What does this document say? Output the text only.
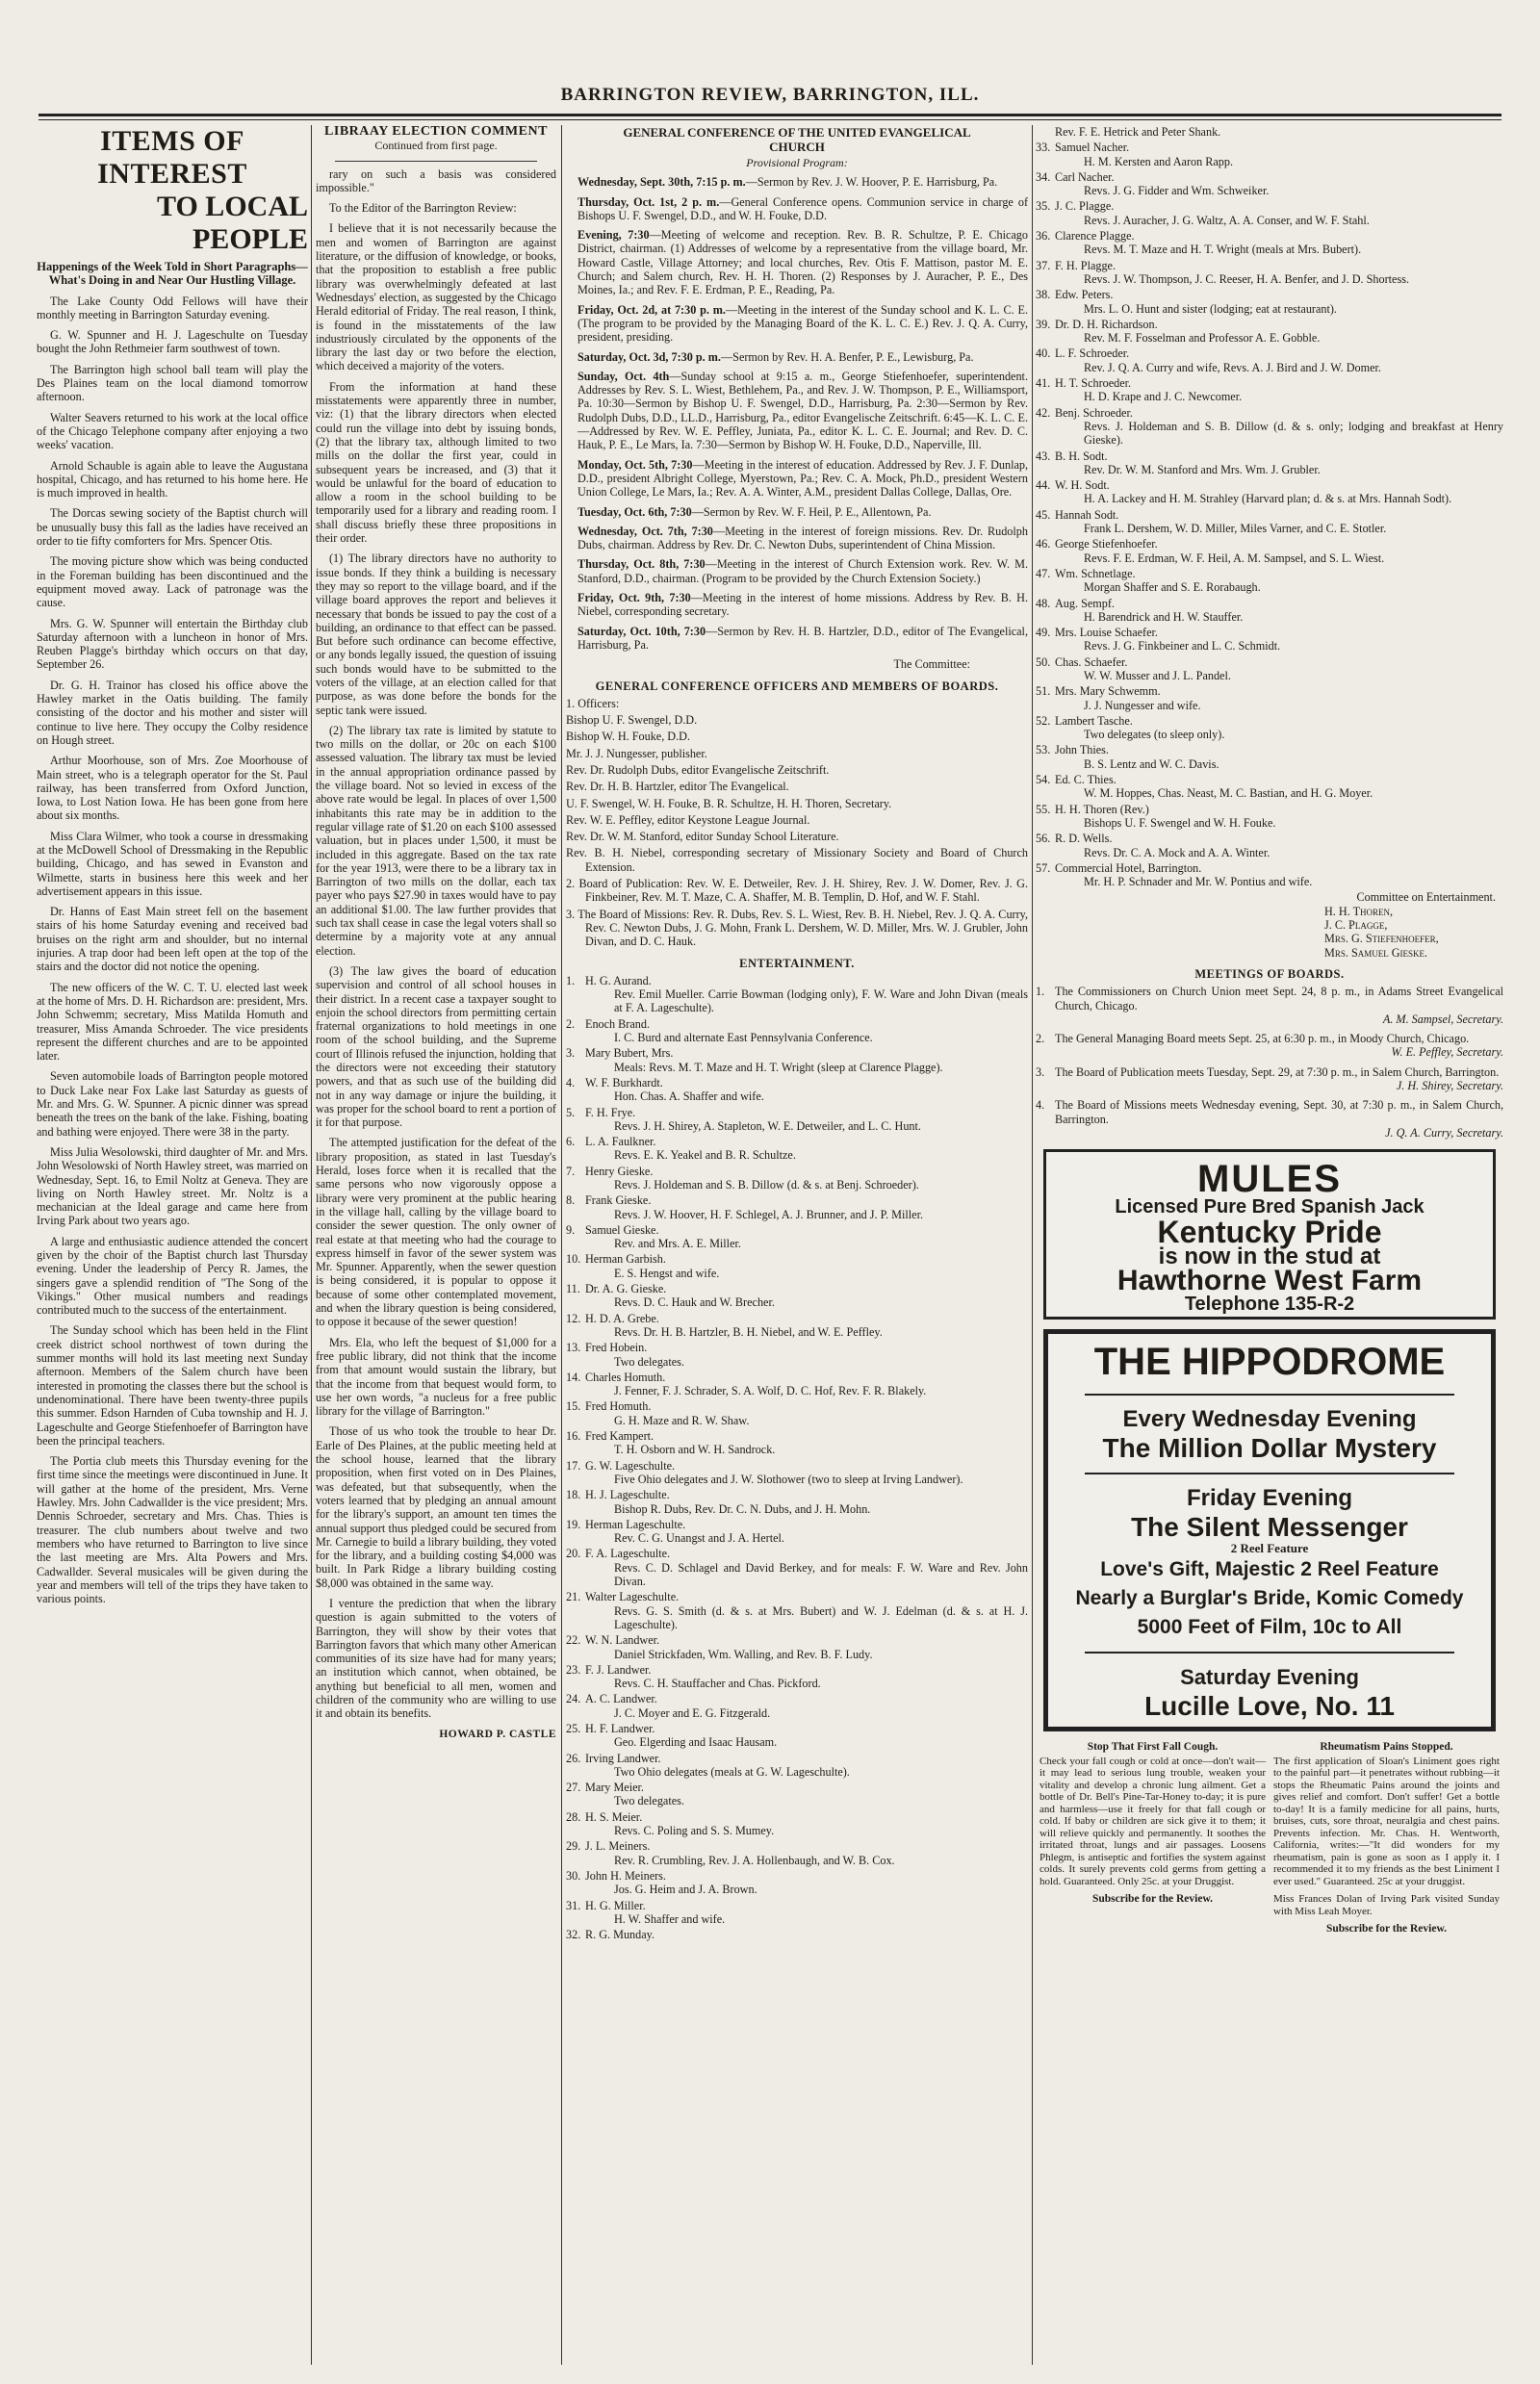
BARRINGTON REVIEW, BARRINGTON, ILL.
ITEMS OF INTEREST
TO LOCAL PEOPLE

Happenings of the Week Told in Short Paragraphs—What's Doing in and Near Our Hustling Village.

The Lake County Odd Fellows will have their monthly meeting in Barrington Saturday evening.

G. W. Spunner and H. J. Lageschulte on Tuesday bought the John Rethmeier farm southwest of town.

The Barrington high school ball team will play the Des Plaines team on the local diamond tomorrow afternoon.

Walter Seavers returned to his work at the local office of the Chicago Telephone company after enjoying a two weeks' vacation.

Arnold Schauble is again able to leave the Augustana hospital, Chicago, and has returned to his home here. He is much improved in health.

The Dorcas sewing society of the Baptist church will be unusually busy this fall as the ladies have received an order to tie fifty comforters for Mrs. Spencer Otis.

The moving picture show which was being conducted in the Foreman building has been discontinued and the equipment moved away. Lack of patronage was the cause.

Mrs. G. W. Spunner will entertain the Birthday club Saturday afternoon with a luncheon in honor of Mrs. Reuben Plagge's birthday which occurs on that day, September 26.

Dr. G. H. Trainor has closed his office above the Hawley market in the Oatis building. The family consisting of the doctor and his mother and sister will continue to live here. They occupy the Colby residence on Hough street.

Arthur Moorhouse, son of Mrs. Zoe Moorhouse of Main street, who is a telegraph operator for the St. Paul railway, has been transferred from Oxford Junction, Iowa, to Lost Nation Iowa. He has been gone from here about six months.

Miss Clara Wilmer, who took a course in dressmaking at the McDowell School of Dressmaking in the Republic building, Chicago, and has sewed in Evanston and Wilmette, starts in business here this week and her advertisement appears in this issue.

Dr. Hanns of East Main street fell on the basement stairs of his home Saturday evening and received bad bruises on the right arm and shoulder, but no internal injuries. A trap door had been left open at the top of the stairs and the doctor did not notice the opening.

The new officers of the W. C. T. U. elected last week at the home of Mrs. D. H. Richardson are: president, Mrs. John Schwemm; secretary, Miss Matilda Homuth and treasurer, Miss Amanda Schroeder. The vice presidents represent the different churches and are to be appointed later.

Seven automobile loads of Barrington people motored to Duck Lake near Fox Lake last Saturday as guests of Mr. and Mrs. G. W. Spunner. A picnic dinner was spread beneath the trees on the bank of the lake. Fishing, boating and bathing were enjoyed. There were 38 in the party.

Miss Julia Wesolowski, third daughter of Mr. and Mrs. John Wesolowski of North Hawley street, was married on Wednesday, Sept. 16, to Emil Noltz at Geneva. They are living on North Hawley street. Mr. Noltz is a mechanician at the Ideal garage and came here from Irving Park about two years ago.

A large and enthusiastic audience attended the concert given by the choir of the Baptist church last Thursday evening. Under the leadership of Percy R. James, the singers gave a splendid rendition of "The Song of the Vikings." Other musical numbers and readings contributed much to the success of the entertainment.

The Sunday school which has been held in the Flint creek district school northwest of town during the summer months will hold its last meeting next Sunday afternoon. Members of the Salem church have been interested in promoting the classes there but the school is undenominational. There have been twenty-three pupils this summer. Edson Harnden of Cuba township and H. J. Lageschulte and George Stiefenhoefer of Barrington have been the principal teachers.

The Portia club meets this Thursday evening for the first time since the meetings were discontinued in June. It will gather at the home of the president, Mrs. Verne Hawley. Mrs. John Cadwallder is the vice president; Mrs. Dennis Schroeder, secretary and Mrs. Chas. Thies is treasurer. The club numbers about twelve and two members who have returned to Barrington to live since the last meeting are Mrs. Alta Powers and Mrs. Cadwallder. Several musicales will be given during the year and members will tell of the trips they have taken to various points.

LIBRAAY ELECTION COMMENT
Continued from first page.

rary on such a basis was considered impossible."

To the Editor of the Barrington Review:

I believe that it is not necessarily because the men and women of Barrington are against literature, or the diffusion of knowledge, or books, that the proposition to establish a free public library was overwhelmingly defeated at last Wednesdays' election, as suggested by the Chicago Herald editorial of Friday. The real reason, I think, is found in the misstatements of the law industriously circulated by the opponents of the library the last day or two before the election, which deceived a majority of the voters.

From the information at hand these misstatements were apparently three in number, viz: (1) that the library directors when elected could run the village into debt by issuing bonds, (2) that the library tax, although limited to two mills on the dollar the first year, could in subsequent years be increased, and (3) that it would be unlawful for the board of education to allow a room in the school building to be temporarily used for a library and reading room. I shall discuss briefly these three propositions in their order.

(1) The library directors have no authority to issue bonds. If they think a building is necessary they may so report to the village board, and if the village board approves the report and believes it necessary that bonds be issued to pay the cost of a building, an ordinance to that effect can be passed. But before such ordinance can become effective, or any bonds legally issued, the question of issuing such bonds would have to be submitted to the voters of the village, at an election called for that purpose, as was done before the bonds for the septic tank were issued.

(2) The library tax rate is limited by statute to two mills on the dollar, or 20c on each $100 assessed valuation. The library tax must be levied in the annual appropriation ordinance passed by the village board. Not so levied in excess of the above rate would be legal. In places of over 1,500 inhabitants this rate may be in addition to the regular village rate of $1.20 on each $100 assessed valuation, but in places under 1,500, it must be included in this aggregate. Based on the tax rate for the year 1913, were there to be a library tax in Barrington of two mills on the dollar, each tax payer who pays $27.90 in taxes would have to pay an additional $1.00. The law further provides that such tax shall cease in case the legal voters shall so determine by a majority vote at any annual election.

(3) The law gives the board of education supervision and control of all school houses in their district. In a recent case a taxpayer sought to enjoin the school directors from permitting certain fraternal organizations to hold meetings in one room of the school building, and the Supreme court of Illinois refused the injunction, holding that the directors were not exceeding their statutory powers, and that as such use of the building did not in any way damage or injure the building, it was proper for the school board to rent a portion of it for that purpose.

The attempted justification for the defeat of the library proposition, as stated in last Tuesday's Herald, loses force when it is recalled that the same persons who now vigorously oppose a library were very prominent at the public hearing in the village hall, calling by the village board to consider the sewer question. The only owner of real estate at that meeting who had the courage to express himself in favor of the sewer system was Mr. Spunner. Apparently, when the sewer question is being considered, it is popular to oppose it because of some other contemplated movement, and when the library question is being considered, to oppose it because of the sewer question!

Mrs. Ela, who left the bequest of $1,000 for a free public library, did not think that the income from that amount would sustain the library, but that the income from that bequest would form, to use her own words, "a nucleus for a free public library for the village of Barrington."

Those of us who took the trouble to hear Dr. Earle of Des Plaines, at the public meeting held at the school house, learned that the library proposition, when first voted on in Des Plaines, was defeated, but that subsequently, when the voters learned that by pledging an annual amount for the library's support, an amount ten times the annual support thus pledged could be secured from Mr. Carnegie to build a library building, they voted for the library, and a building costing $4,000 was built. In Park Ridge a library building costing $8,000 was obtained in the same way.

I venture the prediction that when the library question is again submitted to the voters of Barrington, they will show by their votes that Barrington favors that which many other American communities of its size have had for many years; an institution which cannot, when obtained, be anything but beneficial to all men, women and children of the community who are willing to use it and obtain its benefits.

HOWARD P. CASTLE
GENERAL CONFERENCE OF THE UNITED EVANGELICAL
CHURCH
Provisional Program:

Wednesday, Sept. 30th, 7:15 p. m.—Sermon by Rev. J. W. Hoover, P. E. Harrisburg, Pa.

Thursday, Oct. 1st, 2 p. m.—General Conference opens. Communion service in charge of Bishops U. F. Swengel, D.D., and W. H. Fouke, D.D.

Evening, 7:30—Meeting of welcome and reception. Rev. B. R. Schultze, P. E. Chicago District, chairman. (1) Addresses of welcome by a representative from the village board, Mr. Howard Castle, Village Attorney; and local churches, Rev. Otis F. Mattison, pastor M. E. Church; and Salem church, Rev. H. H. Thoren. (2) Responses by J. Auracher, P. E., Des Moines, Ia.; and Rev. F. E. Erdman, P. E., Reading, Pa.

Friday, Oct. 2d, at 7:30 p. m.—Meeting in the interest of the Sunday school and K. L. C. E. (The program to be provided by the Managing Board of the K. L. C. E.) Rev. J. Q. A. Curry, president, presiding.

Saturday, Oct. 3d, 7:30 p. m.—Sermon by Rev. H. A. Benfer, P. E., Lewisburg, Pa.

Sunday, Oct. 4th—Sunday school at 9:15 a. m., George Stiefenhoefer, superintendent. Addresses by Rev. S. L. Wiest, Bethlehem, Pa., and Rev. J. W. Thompson, P. E., Williamsport, Pa. 10:30—Sermon by Bishop U. F. Swengel, D.D., Harrisburg, Pa. 2:30—Sermon by Rev. Rudolph Dubs, D.D., LL.D., Harrisburg, Pa., editor Evangelische Zeitschrift. 6:45—K. L. C. E.—Addressed by Rev. W. E. Peffley, Juniata, Pa., editor K. L. C. E. Journal; and Rev. D. C. Hauk, P. E., Le Mars, Ia. 7:30—Sermon by Bishop W. H. Fouke, D.D., Naperville, Ill.

Monday, Oct. 5th, 7:30—Meeting in the interest of education. Addressed by Rev. J. F. Dunlap, D.D., president Albright College, Myerstown, Pa.; Rev. C. A. Mock, Ph.D., president Western Union College, Le Mars, Ia.; Rev. A. A. Winter, A.M., president Dallas College, Dallas, Ore.

Tuesday, Oct. 6th, 7:30—Sermon by Rev. W. F. Heil, P. E., Allentown, Pa.

Wednesday, Oct. 7th, 7:30—Meeting in the interest of foreign missions. Rev. Dr. Rudolph Dubs, chairman. Address by Rev. Dr. C. Newton Dubs, superintendent of China Mission.

Thursday, Oct. 8th, 7:30—Meeting in the interest of Church Extension work. Rev. W. M. Stanford, D.D., chairman. (Program to be provided by the Church Extension Society.)

Friday, Oct. 9th, 7:30—Meeting in the interest of home missions. Address by Rev. B. H. Niebel, corresponding secretary.

Saturday, Oct. 10th, 7:30—Sermon by Rev. H. B. Hartzler, D.D., editor of The Evangelical, Harrisburg, Pa.

The Committee:
GENERAL CONFERENCE OFFICERS AND MEMBERS OF BOARDS.
1. Officers:
Bishop U. F. Swengel, D.D.
Bishop W. H. Fouke, D.D.
Mr. J. J. Nungesser, publisher.
Rev. Dr. Rudolph Dubs, editor Evangelische Zeitschrift.
Rev. Dr. H. B. Hartzler, editor The Evangelical.
U. F. Swengel, W. H. Fouke, B. R. Schultze, H. H. Thoren, Secretary.
Rev. W. E. Peffley, editor Keystone League Journal.
Rev. Dr. W. M. Stanford, editor Sunday School Literature.
Rev. B. H. Niebel, corresponding secretary of Missionary Society and Board of Church Extension.
2. Board of Publication: Rev. W. E. Detweiler, Rev. J. H. Shirey, Rev. J. W. Domer, Rev. J. G. Finkbeiner, Rev. M. T. Maze, C. A. Shaffer, M. B. Templin, D. Hof, and W. F. Stahl.
3. The Board of Missions: Rev. R. Dubs, Rev. S. L. Wiest, Rev. B. H. Niebel, Rev. J. Q. A. Curry, Rev. C. Newton Dubs, J. G. Mohn, Frank L. Dershem, W. D. Miller, Mrs. W. J. Grubler, John Divan, and D. C. Hauk.
ENTERTAINMENT.
1. H. G. Aurand.
Rev. Emil Mueller. Carrie Bowman (lodging only), F. W. Ware and John Divan (meals at F. A. Lageschulte).
2. Enoch Brand.
I. C. Burd and alternate East Pennsylvania Conference.
3. Mary Bubert, Mrs.
Meals: Revs. M. T. Maze and H. T. Wright (sleep at Clarence Plagge).
4. W. F. Burkhardt.
Hon. Chas. A. Shaffer and wife.
5. F. H. Frye.
Revs. J. H. Shirey, A. Stapleton, W. E. Detweiler, and L. C. Hunt.
6. L. A. Faulkner.
Revs. E. K. Yeakel and B. R. Schultze.
7. Henry Gieske.
Revs. J. Holdeman and S. B. Dillow (d. & s. at Benj. Schroeder).
8. Frank Gieske.
Revs. J. W. Hoover, H. F. Schlegel, A. J. Brunner, and J. P. Miller.
9. Samuel Gieske.
Rev. and Mrs. A. E. Miller.
10. Herman Garbish.
E. S. Hengst and wife.
11. Dr. A. G. Gieske.
Revs. D. C. Hauk and W. Brecher.
12. H. D. A. Grebe.
Revs. Dr. H. B. Hartzler, B. H. Niebel, and W. E. Peffley.
13. Fred Hobein.
Two delegates.
14. Charles Homuth.
J. Fenner, F. J. Schrader, S. A. Wolf, D. C. Hof, Rev. F. R. Blakely.
15. Fred Homuth.
G. H. Maze and R. W. Shaw.
16. Fred Kampert.
T. H. Osborn and W. H. Sandrock.
17. G. W. Lageschulte.
Five Ohio delegates and J. W. Slothower (two to sleep at Irving Landwer).
18. H. J. Lageschulte.
Bishop R. Dubs, Rev. Dr. C. N. Dubs, and J. H. Mohn.
19. Herman Lageschulte.
Rev. C. G. Unangst and J. A. Hertel.
20. F. A. Lageschulte.
Revs. C. D. Schlagel and David Berkey, and for meals: F. W. Ware and Rev. John Divan.
21. Walter Lageschulte.
Revs. G. S. Smith (d. & s. at Mrs. Bubert) and W. J. Edelman (d. & s. at H. J. Lageschulte).
22. W. N. Landwer.
Daniel Strickfaden, Wm. Walling, and Rev. B. F. Ludy.
23. F. J. Landwer.
Revs. C. H. Stauffacher and Chas. Pickford.
24. A. C. Landwer.
J. C. Moyer and E. G. Fitzgerald.
25. H. F. Landwer.
Geo. Elgerding and Isaac Hausam.
26. Irving Landwer.
Two Ohio delegates (meals at G. W. Lageschulte).
27. Mary Meier.
Two delegates.
28. H. S. Meier.
Revs. C. Poling and S. S. Mumey.
29. J. L. Meiners.
Rev. R. Crumbling, Rev. J. A. Hollenbaugh, and W. B. Cox.
30. John H. Meiners.
Jos. G. Heim and J. A. Brown.
31. H. G. Miller.
H. W. Shaffer and wife.
32. R. G. Munday.
Rev. F. E. Hetrick and Peter Shank.
33. Samuel Nacher.
H. M. Kersten and Aaron Rapp.
34. Carl Nacher.
Revs. J. G. Fidder and Wm. Schweiker.
35. J. C. Plagge.
Revs. J. Auracher, J. G. Waltz, A. A. Conser, and W. F. Stahl.
36. Clarence Plagge.
Revs. M. T. Maze and H. T. Wright (meals at Mrs. Bubert).
37. F. H. Plagge.
Revs. J. W. Thompson, J. C. Reeser, H. A. Benfer, and J. D. Shortess.
38. Edw. Peters.
Mrs. L. O. Hunt and sister (lodging; eat at restaurant).
39. Dr. D. H. Richardson.
Rev. M. F. Fosselman and Professor A. E. Gobble.
40. L. F. Schroeder.
Rev. J. Q. A. Curry and wife, Revs. A. J. Bird and J. W. Domer.
41. H. T. Schroeder.
H. D. Krape and J. C. Newcomer.
42. Benj. Schroeder.
Revs. J. Holdeman and S. B. Dillow (d. & s. only; lodging and breakfast at Henry Gieske).
43. B. H. Sodt.
Rev. Dr. W. M. Stanford and Mrs. Wm. J. Grubler.
44. W. H. Sodt.
H. A. Lackey and H. M. Strahley (Harvard plan; d. & s. at Mrs. Hannah Sodt).
45. Hannah Sodt.
Frank L. Dershem, W. D. Miller, Miles Varner, and C. E. Stotler.
46. George Stiefenhoefer.
Revs. F. E. Erdman, W. F. Heil, A. M. Sampsel, and S. L. Wiest.
47. Wm. Schnetlage.
Morgan Shaffer and S. E. Rorabaugh.
48. Aug. Sempf.
H. Barendrick and H. W. Stauffer.
49. Mrs. Louise Schaefer.
Revs. J. G. Finkbeiner and L. C. Schmidt.
50. Chas. Schaefer.
W. W. Musser and J. L. Pandel.
51. Mrs. Mary Schwemm.
J. J. Nungesser and wife.
52. Lambert Tasche.
Two delegates (to sleep only).
53. John Thies.
B. S. Lentz and W. C. Davis.
54. Ed. C. Thies.
W. M. Hoppes, Chas. Neast, M. C. Bastian, and H. G. Moyer.
55. H. H. Thoren (Rev.)
Bishops U. F. Swengel and W. H. Fouke.
56. R. D. Wells.
Revs. Dr. C. A. Mock and A. A. Winter.
57. Commercial Hotel, Barrington.
Mr. H. P. Schnader and Mr. W. Pontius and wife.
Committee on Entertainment.
H. H. Thoren,
J. C. Plagge,
Mrs. G. Stiefenhoefer,
Mrs. Samuel Gieske.
MEETINGS OF BOARDS.
1. The Commissioners on Church Union meet Sept. 24, 8 p. m., in Adams Street Evangelical Church, Chicago.
A. M. Sampsel, Secretary.
2. The General Managing Board meets Sept. 25, at 6:30 p. m., in Moody Church, Chicago.
W. E. Peffley, Secretary.
3. The Board of Publication meets Tuesday, Sept. 29, at 7:30 p. m., in Salem Church, Barrington.
J. H. Shirey, Secretary.
4. The Board of Missions meets Wednesday evening, Sept. 30, at 7:30 p. m., in Salem Church, Barrington.
J. Q. A. Curry, Secretary.
MULES
Licensed Pure Bred Spanish Jack
Kentucky Pride
is now in the stud at
Hawthorne West Farm
Telephone 135-R-2
THE HIPPODROME
Every Wednesday Evening
The Million Dollar Mystery
Friday Evening
The Silent Messenger
2 Reel Feature
Love's Gift, Majestic 2 Reel Feature
Nearly a Burglar's Bride, Komic Comedy
5000 Feet of Film, 10c to All
Saturday Evening
Lucille Love, No. 11
Stop That First Fall Cough.
Check your fall cough or cold at once—don't wait—it may lead to serious lung trouble, weaken your vitality and develop a chronic lung ailment. Get a bottle of Dr. Bell's Pine-Tar-Honey to-day; it is pure and harmless—use it freely for that fall cough or cold. If baby or children are sick give it to them; it will relieve quickly and permanently. It soothes the irritated throat, lungs and air passages. Loosens Phlegm, is antiseptic and fortifies the system against colds. It surely prevents cold germs from getting a hold. Guaranteed. Only 25c. at your Druggist.
Subscribe for the Review.
Rheumatism Pains Stopped.
The first application of Sloan's Liniment goes right to the painful part—it penetrates without rubbing—it stops the Rheumatic Pains around the joints and gives relief and comfort. Don't suffer! Get a bottle to-day! It is a family medicine for all pains, hurts, bruises, cuts, sore throat, neuralgia and chest pains. Prevents infection. Mr. Chas. H. Wentworth, California, writes:—"It did wonders for my rheumatism, pain is gone as soon as I apply it. I recommended it to my friends as the best Liniment I ever used." Guaranteed. 25c at your druggist.
Miss Frances Dolan of Irving Park visited Sunday with Miss Leah Moyer.
Subscribe for the Review.
